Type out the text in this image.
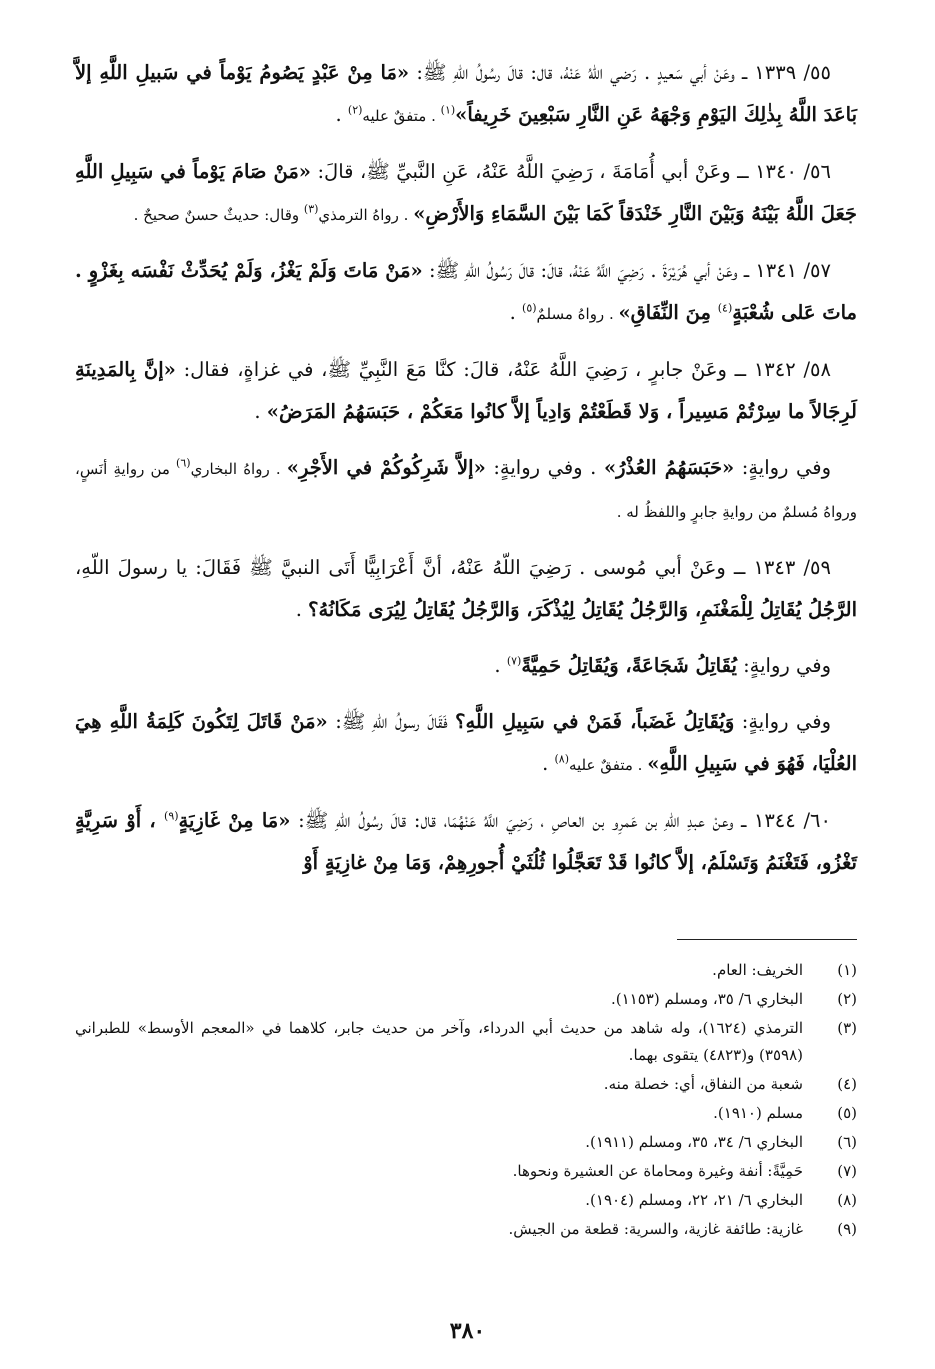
٥٥/ ١٣٣٩ ــ وعَنْ أبي سَعيدٍ . رَضي اللّهُ عَنْهُ، قال: قالَ رسُولُ اللّهِ ﷺ: «مَا مِنْ عَبْدٍ يَصُومُ يَوْماً في سَبيلِ اللَّهِ إلاَّ بَاعَدَ اللَّهُ بِذٰلِكَ اليَوْمِ وَجْهَهُ عَنِ النَّارِ سَبْعِينَ خَرِيفاً»$^{(١)}$ . متفقٌ عليه$^{(٢)}$ .

٥٦/ ١٣٤٠ ــ وعَنْ أبي أُمَامَةَ ، رَضِيَ اللَّهُ عَنْهُ، عَنِ النَّبيِّ ﷺ، قالَ: «مَنْ صَامَ يَوْماً في سَبِيلِ اللَّهِ جَعَلَ اللَّهُ بَيْنَهُ وَبَيْنَ النَّارِ خَنْدَقاً كَمَا بَيْنَ السَّمَاءِ وَالأَرْضِ» . رواهُ الترمذي$^{(٣)}$ وقال: حديثٌ حسنٌ صحيحٌ .

٥٧/ ١٣٤١ ــ وعَنْ أبي هُرَيْرَةَ . رَضِيَ اللَّهُ عَنْهُ، قالَ: قالَ رَسُولُ اللّهِ ﷺ: «مَنْ مَاتَ وَلَمْ يَغْزُ، وَلَمْ يُحَدِّثْ نَفْسَه بِغَزْوٍ . ماتَ عَلى شُعْبَةٍ$^{(٤)}$ مِنَ النِّفَاقِ» . رواهُ مسلمٌ$^{(٥)}$ .

٥٨/ ١٣٤٢ ــ وعَنْ جابرٍ ، رَضِيَ اللَّهُ عَنْهُ، قالَ: كنَّا مَعَ النَّبِيِّ ﷺ، في غزاةٍ، فقال: «إنَّ بِالمَدِينَةِ لَرِجَالاً ما سِرْتُمْ مَسِيراً ، وَلا قَطَعْتُمْ وَادِياً إلاَّ كانُوا مَعَكُمْ ، حَبَسَهُمُ المَرَضُ» .

وفي روايةٍ: «حَبَسَهُمُ العُذْرُ» . وفي روايةٍ: «إلاَّ شَرِكُوكُمْ في الأَجْرِ» . رواهُ البخاري$^{(٦)}$ من روايةِ أنَسٍ، ورواهُ مُسلمٌ من روايةِ جابرٍ واللفظُ له .

٥٩/ ١٣٤٣ ــ وعَنْ أبي مُوسى . رَضِيَ اللّهُ عَنْهُ، أنَّ أَعْرَابِيًّا أَتَى النبيَّ ﷺ فَقَالَ: يا رسولَ اللّهِ، الرَّجُلُ يُقَاتِلُ لِلْمَغْنَمِ، وَالرَّجُلُ يُقَاتِلُ لِيُذْكَرَ، وَالرَّجُلُ يُقَاتِلُ لِيُرَى مَكَانُهُ؟ .

وفي روايةٍ: يُقَاتِلُ شَجَاعَةً، وَيُقَاتِلُ حَمِيَّةً$^{(٧)}$ .

وفي روايةٍ: وَيُقَاتِلُ غَضَباً، فَمَنْ في سَبِيلِ اللَّهِ؟ فَقَالَ رسولُ اللّهِ ﷺ: «مَنْ قَاتَلَ لِتَكُونَ كَلِمَةُ اللَّهِ هِيَ العُلْيَا، فَهُوَ في سَبِيلِ اللَّهِ» . متفقٌ عليه$^{(٨)}$ .

٦٠/ ١٣٤٤ ــ وعنْ عبدِ اللّهِ بن عَمرِو بن العاصِ ، رَضِيَ اللَّهُ عَنْهُمَا، قال: قالَ رسُولُ اللّهِ ﷺ: «مَا مِنْ غَازِيَةٍ$^{(٩)}$ ، أَوْ سَرِيَّةٍ تَغْزُو، فَتَغْنَمُ وَتَسْلَمُ، إلاَّ كانُوا قَدْ تَعَجَّلُوا ثُلُثَيْ أُجورِهِمْ، وَمَا مِنْ غازِيَةٍ أَوْ

(١)
الخريف: العام.
(٢)
البخاري ٦/ ٣٥، ومسلم (١١٥٣).
(٣)
الترمذي (١٦٢٤)، وله شاهد من حديث أبي الدرداء، وآخر من حديث جابر، كلاهما في «المعجم الأوسط» للطبراني (٣٥٩٨) و(٤٨٢٣) يتقوى بهما.
(٤)
شعبة من النفاق، أي: خصلة منه.
(٥)
مسلم (١٩١٠).
(٦)
البخاري ٦/ ٣٤، ٣٥، ومسلم (١٩١١).
(٧)
حَمِيَّةً: أنفة وغيرة ومحاماة عن العشيرة ونحوها.
(٨)
البخاري ٦/ ٢١، ٢٢، ومسلم (١٩٠٤).
(٩)
غازية: طائفة غازية، والسرية: قطعة من الجيش.
٣٨٠
